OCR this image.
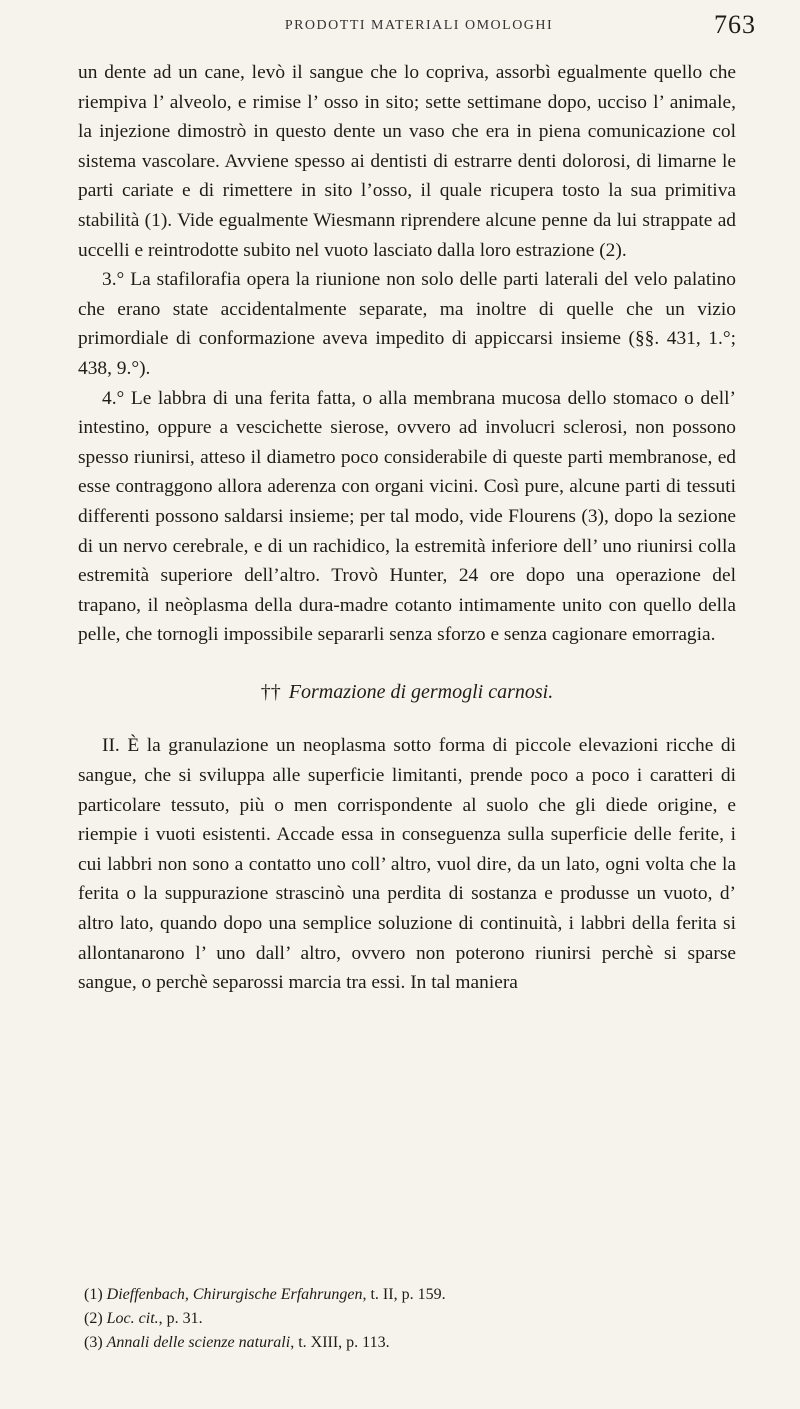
PRODOTTI MATERIALI OMOLOGHI	763

un dente ad un cane, levò il sangue che lo copriva, assorbì egualmente quello che riempiva l’ alveolo, e rimise l’ osso in sito; sette settimane dopo, ucciso l’ animale, la injezione dimostrò in questo dente un vaso che era in piena comunicazione col sistema vascolare. Avviene spesso ai dentisti di estrarre denti dolorosi, di limarne le parti cariate e di rimettere in sito l’osso, il quale ricupera tosto la sua primitiva stabilità (1). Vide egualmente Wiesmann riprendere alcune penne da lui strappate ad uccelli e reintrodotte subito nel vuoto lasciato dalla loro estrazione (2).

3.° La stafilorafia opera la riunione non solo delle parti laterali del velo palatino che erano state accidentalmente separate, ma inoltre di quelle che un vizio primordiale di conformazione aveva impedito di appiccarsi insieme (§§. 431, 1.°; 438, 9.°).

4.° Le labbra di una ferita fatta, o alla membrana mucosa dello stomaco o dell’ intestino, oppure a vescichette sierose, ovvero ad involucri sclerosi, non possono spesso riunirsi, atteso il diametro poco considerabile di queste parti membranose, ed esse contraggono allora aderenza con organi vicini. Così pure, alcune parti di tessuti differenti possono saldarsi insieme; per tal modo, vide Flourens (3), dopo la sezione di un nervo cerebrale, e di un rachidico, la estremità inferiore dell’ uno riunirsi colla estremità superiore dell’altro. Trovò Hunter, 24 ore dopo una operazione del trapano, il neòplasma della dura-madre cotanto intimamente unito con quello della pelle, che tornogli impossibile separarli senza sforzo e senza cagionare emorragia.

†† Formazione di germogli carnosi.

II. È la granulazione un neoplasma sotto forma di piccole elevazioni ricche di sangue, che si sviluppa alle superficie limitanti, prende poco a poco i caratteri di particolare tessuto, più o men corrispondente al suolo che gli diede origine, e riempie i vuoti esistenti. Accade essa in conseguenza sulla superficie delle ferite, i cui labbri non sono a contatto uno coll’ altro, vuol dire, da un lato, ogni volta che la ferita o la suppurazione strascinò una perdita di sostanza e produsse un vuoto, d’ altro lato, quando dopo una semplice soluzione di continuità, i labbri della ferita si allontanarono l’ uno dall’ altro, ovvero non poterono riunirsi perchè si sparse sangue, o perchè separossi marcia tra essi. In tal maniera

(1) Dieffenbach, Chirurgische Erfahrungen, t. II, p. 159.

(2) Loc. cit., p. 31.

(3) Annali delle scienze naturali, t. XIII, p. 113.
